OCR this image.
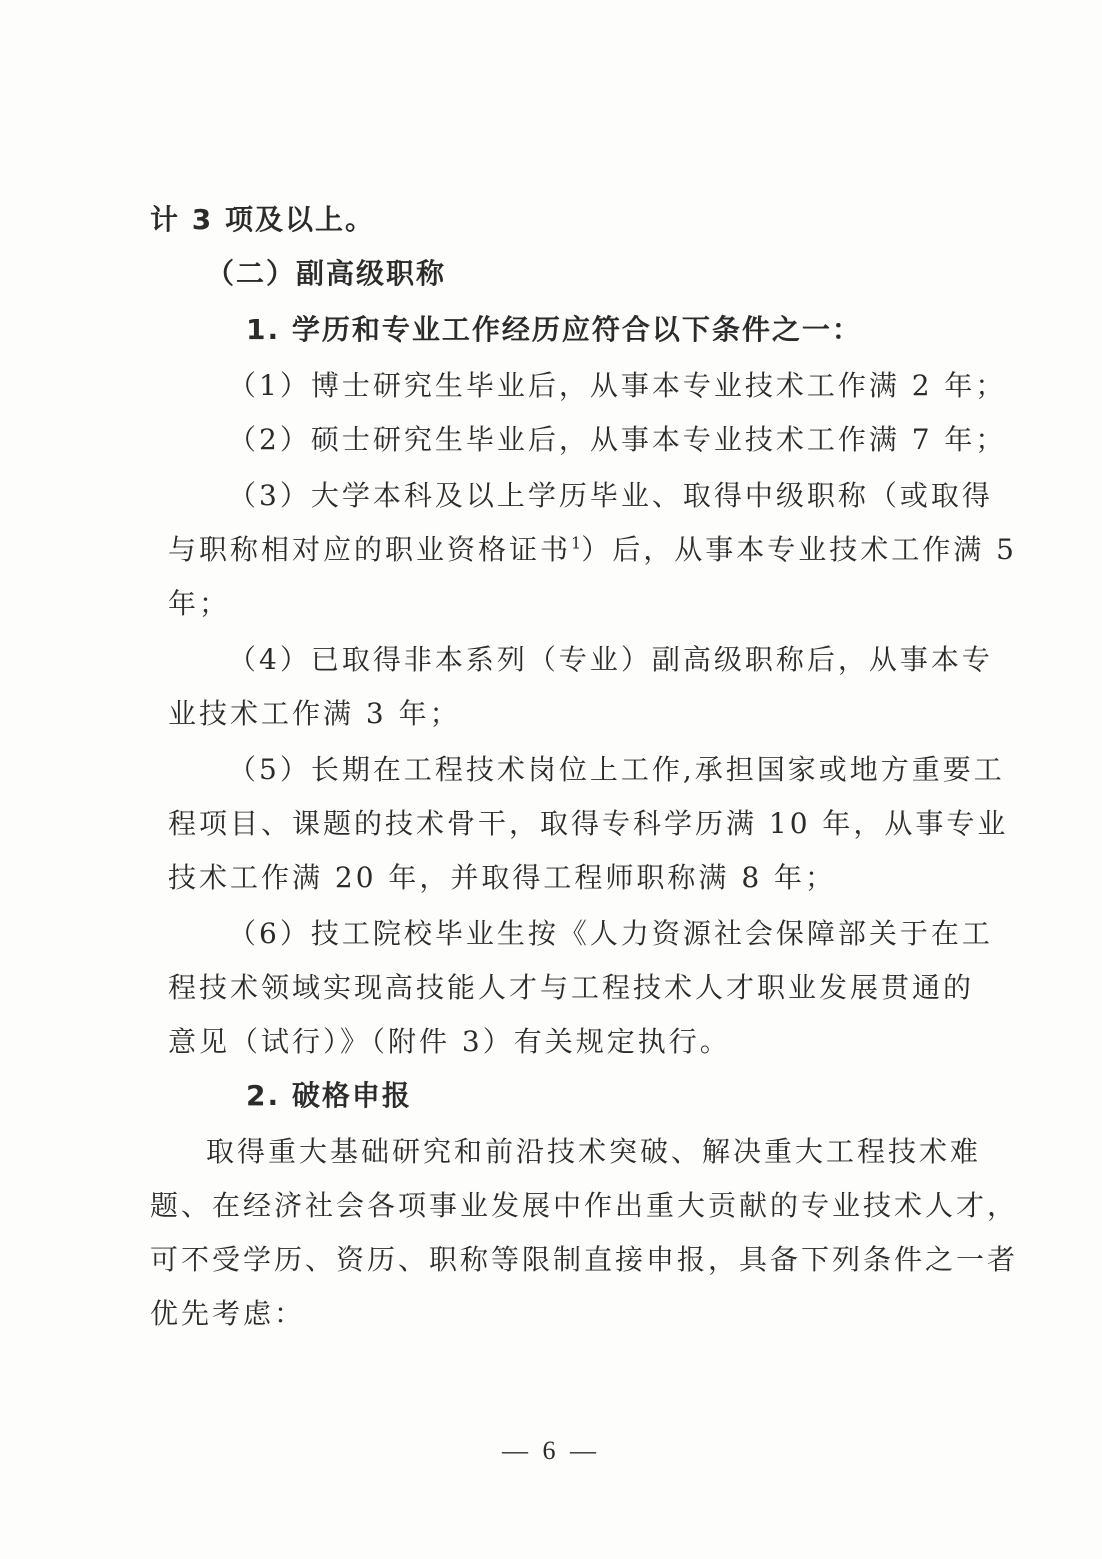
计 3 项及以上。
（二）副高级职称
1. 学历和专业工作经历应符合以下条件之一：
（1）博士研究生毕业后，从事本专业技术工作满 2 年；
（2）硕士研究生毕业后，从事本专业技术工作满 7 年；
（3）大学本科及以上学历毕业、取得中级职称（或取得
与职称相对应的职业资格证书$^1$）后，从事本专业技术工作满 5
年；
（4）已取得非本系列（专业）副高级职称后，从事本专
业技术工作满 3 年；
（5）长期在工程技术岗位上工作,承担国家或地方重要工
程项目、课题的技术骨干，取得专科学历满 10 年，从事专业
技术工作满 20 年，并取得工程师职称满 8 年；
（6）技工院校毕业生按《人力资源社会保障部关于在工
程技术领域实现高技能人才与工程技术人才职业发展贯通的
意见（试行）》（附件 3）有关规定执行。
2. 破格申报
取得重大基础研究和前沿技术突破、解决重大工程技术难
题、在经济社会各项事业发展中作出重大贡献的专业技术人才，
可不受学历、资历、职称等限制直接申报，具备下列条件之一者
优先考虑：
— 6 —
